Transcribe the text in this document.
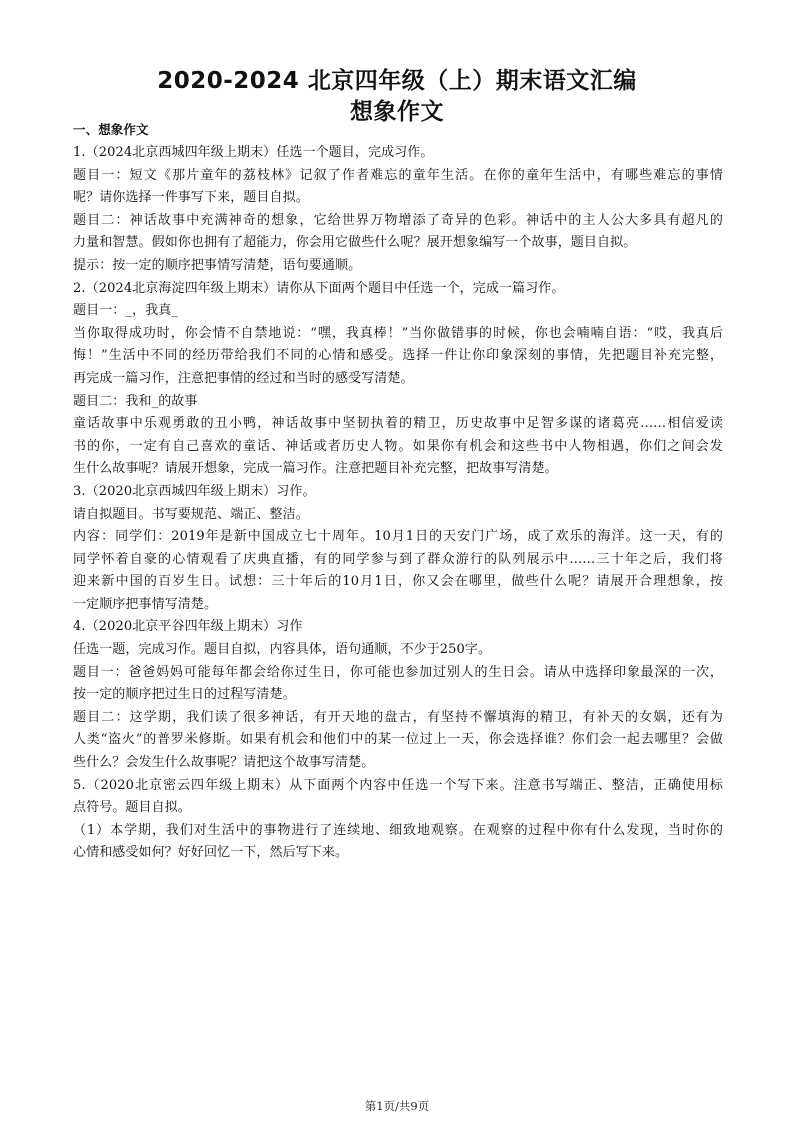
2020-2024 北京四年级（上）期末语文汇编
想象作文
一、想象作文
1.（2024北京西城四年级上期末）任选一个题目，完成习作。
题目一：短文《那片童年的荔枝林》记叙了作者难忘的童年生活。在你的童年生活中，有哪些难忘的事情
呢？请你选择一件事写下来，题目自拟。
题目二：神话故事中充满神奇的想象，它给世界万物增添了奇异的色彩。神话中的主人公大多具有超凡的
力量和智慧。假如你也拥有了超能力，你会用它做些什么呢？展开想象编写一个故事，题目自拟。
提示：按一定的顺序把事情写清楚，语句要通顺。
2.（2024北京海淀四年级上期末）请你从下面两个题目中任选一个，完成一篇习作。
题目一：_，我真_
当你取得成功时，你会情不自禁地说：“嘿，我真棒！”当你做错事的时候，你也会喃喃自语：“哎，我真后
悔！”生活中不同的经历带给我们不同的心情和感受。选择一件让你印象深刻的事情，先把题目补充完整，
再完成一篇习作，注意把事情的经过和当时的感受写清楚。
题目二：我和_的故事
童话故事中乐观勇敢的丑小鸭，神话故事中坚韧执着的精卫，历史故事中足智多谋的诸葛亮……相信爱读
书的你，一定有自己喜欢的童话、神话或者历史人物。如果你有机会和这些书中人物相遇，你们之间会发
生什么故事呢？请展开想象，完成一篇习作。注意把题目补充完整，把故事写清楚。
3.（2020北京西城四年级上期末）习作。
请自拟题目。书写要规范、端正、整洁。
内容：同学们：2019年是新中国成立七十周年。10月1日的天安门广场，成了欢乐的海洋。这一天，有的
同学怀着自豪的心情观看了庆典直播，有的同学参与到了群众游行的队列展示中……三十年之后，我们将
迎来新中国的百岁生日。试想：三十年后的10月1日，你又会在哪里，做些什么呢？请展开合理想象，按
一定顺序把事情写清楚。
4.（2020北京平谷四年级上期末）习作
任选一题，完成习作。题目自拟，内容具体，语句通顺，不少于250字。
题目一：爸爸妈妈可能每年都会给你过生日，你可能也参加过别人的生日会。请从中选择印象最深的一次，
按一定的顺序把过生日的过程写清楚。
题目二：这学期，我们读了很多神话，有开天地的盘古，有坚持不懈填海的精卫，有补天的女娲，还有为
人类“盗火”的普罗米修斯。如果有机会和他们中的某一位过上一天，你会选择谁？你们会一起去哪里？会做
些什么？会发生什么故事呢？请把这个故事写清楚。
5.（2020北京密云四年级上期末）从下面两个内容中任选一个写下来。注意书写端正、整洁，正确使用标
点符号。题目自拟。
（1）本学期，我们对生活中的事物进行了连续地、细致地观察。在观察的过程中你有什么发现，当时你的
心情和感受如何？好好回忆一下，然后写下来。
第1页/共9页
